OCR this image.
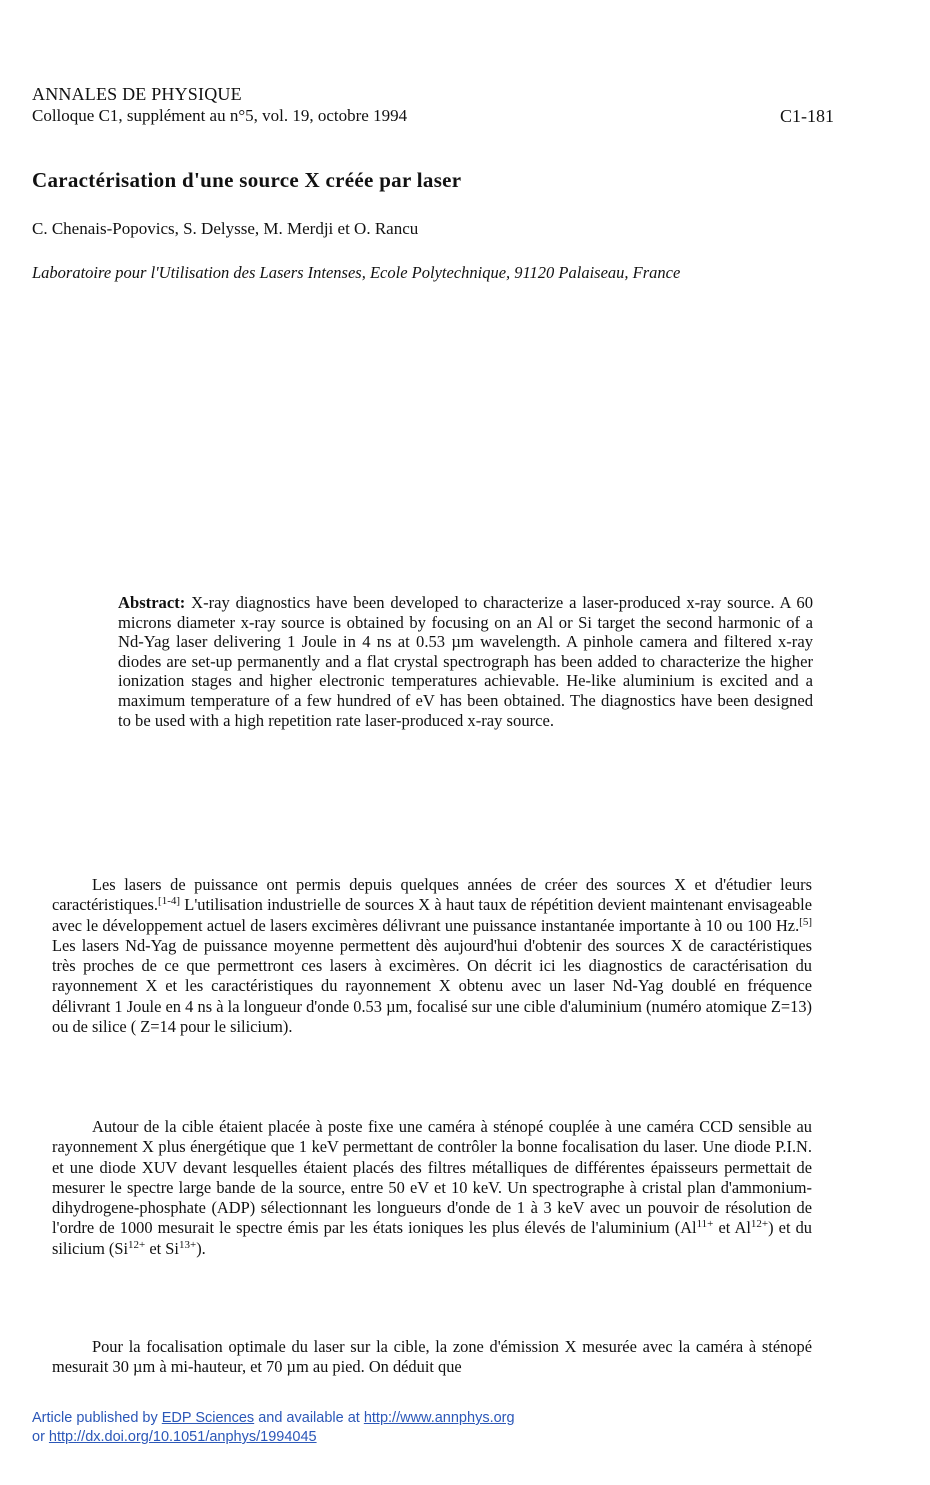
ANNALES DE PHYSIQUE
Colloque C1, supplément au n°5, vol. 19, octobre 1994	C1-181
Caractérisation d'une source X créée par laser
C. Chenais-Popovics, S. Delysse, M. Merdji et O. Rancu
Laboratoire pour l'Utilisation des Lasers Intenses, Ecole Polytechnique, 91120 Palaiseau, France
Abstract: X-ray diagnostics have been developed to characterize a laser-produced x-ray source. A 60 microns diameter x-ray source is obtained by focusing on an Al or Si target the second harmonic of a Nd-Yag laser delivering 1 Joule in 4 ns at 0.53 µm wavelength. A pinhole camera and filtered x-ray diodes are set-up permanently and a flat crystal spectrograph has been added to characterize the higher ionization stages and higher electronic temperatures achievable. He-like aluminium is excited and a maximum temperature of a few hundred of eV has been obtained. The diagnostics have been designed to be used with a high repetition rate laser-produced x-ray source.
Les lasers de puissance ont permis depuis quelques années de créer des sources X et d'étudier leurs caractéristiques.[1-4] L'utilisation industrielle de sources X à haut taux de répétition devient maintenant envisageable avec le développement actuel de lasers excimères délivrant une puissance instantanée importante à 10 ou 100 Hz.[5] Les lasers Nd-Yag de puissance moyenne permettent dès aujourd'hui d'obtenir des sources X de caractéristiques très proches de ce que permettront ces lasers à excimères. On décrit ici les diagnostics de caractérisation du rayonnement X et les caractéristiques du rayonnement X obtenu avec un laser Nd-Yag doublé en fréquence délivrant 1 Joule en 4 ns à la longueur d'onde 0.53 µm, focalisé sur une cible d'aluminium (numéro atomique Z=13) ou de silice ( Z=14 pour le silicium).
Autour de la cible étaient placée à poste fixe une caméra à sténopé couplée à une caméra CCD sensible au rayonnement X plus énergétique que 1 keV permettant de contrôler la bonne focalisation du laser. Une diode P.I.N. et une diode XUV devant lesquelles étaient placés des filtres métalliques de différentes épaisseurs permettait de mesurer le spectre large bande de la source, entre 50 eV et 10 keV. Un spectrographe à cristal plan d'ammonium-dihydrogene-phosphate (ADP) sélectionnant les longueurs d'onde de 1 à 3 keV avec un pouvoir de résolution de l'ordre de 1000 mesurait le spectre émis par les états ioniques les plus élevés de l'aluminium ($Al^{11+}$ et $Al^{12+}$) et du silicium ($Si^{12+}$ et $Si^{13+}$).
Pour la focalisation optimale du laser sur la cible, la zone d'émission X mesurée avec la caméra à sténopé mesurait 30 µm à mi-hauteur, et 70 µm au pied. On déduit que
Article published by EDP Sciences and available at http://www.annphys.org
or http://dx.doi.org/10.1051/anphys/1994045
